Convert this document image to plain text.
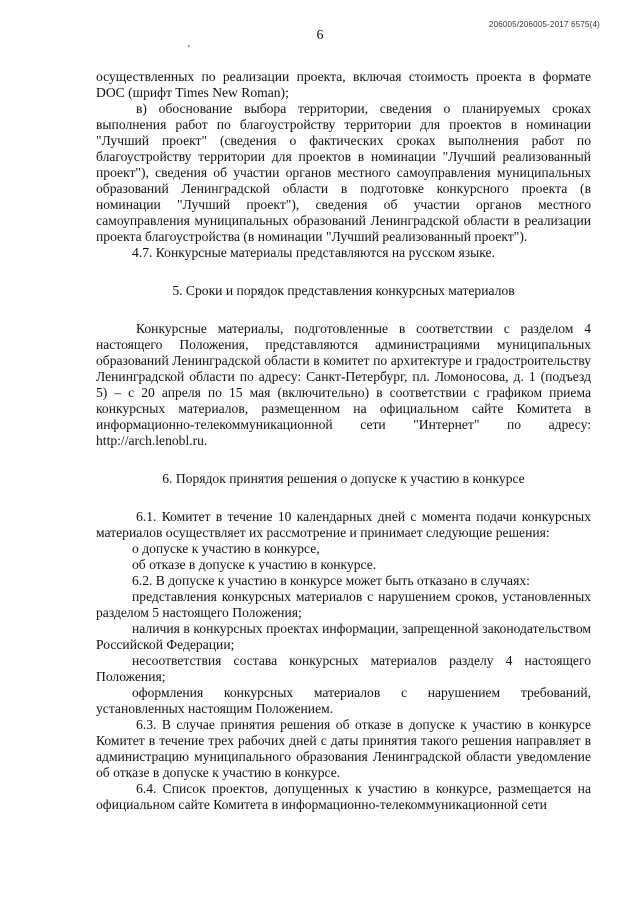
206005/206005-2017 6575(4)
6
'

осуществленных по реализации проекта, включая стоимость проекта в формате DOC (шрифт Times New Roman);

в) обоснование выбора территории, сведения о планируемых сроках выполнения работ по благоустройству территории для проектов в номинации "Лучший проект" (сведения о фактических сроках выполнения работ по благоустройству территории для проектов в номинации "Лучший реализованный проект"), сведения об участии органов местного самоуправления муниципальных образований Ленинградской области в подготовке конкурсного проекта (в номинации "Лучший проект"), сведения об участии органов местного самоуправления муниципальных образований Ленинградской области в реализации проекта благоустройства (в номинации "Лучший реализованный проект").

4.7. Конкурсные материалы представляются на русском языке.

5. Сроки и порядок представления конкурсных материалов

Конкурсные материалы, подготовленные в соответствии с разделом 4 настоящего Положения, представляются администрациями муниципальных образований Ленинградской области в комитет по архитектуре и градостроительству Ленинградской области по адресу: Санкт-Петербург, пл. Ломоносова, д. 1 (подъезд 5) – с 20 апреля по 15 мая (включительно) в соответствии с графиком приема конкурсных материалов, размещенном на официальном сайте Комитета в информационно-телекоммуникационной сети "Интернет" по адресу: http://arch.lenobl.ru.

6. Порядок принятия решения о допуске к участию в конкурсе

6.1. Комитет в течение 10 календарных дней с момента подачи конкурсных материалов осуществляет их рассмотрение и принимает следующие решения:

о допуске к участию в конкурсе,

об отказе в допуске к участию в конкурсе.

6.2. В допуске к участию в конкурсе может быть отказано в случаях:

представления конкурсных материалов с нарушением сроков, установленных разделом 5 настоящего Положения;

наличия в конкурсных проектах информации, запрещенной законодательством Российской Федерации;

несоответствия состава конкурсных материалов разделу 4 настоящего Положения;

оформления конкурсных материалов с нарушением требований, установленных настоящим Положением.

6.3. В случае принятия решения об отказе в допуске к участию в конкурсе Комитет в течение трех рабочих дней с даты принятия такого решения направляет в администрацию муниципального образования Ленинградской области уведомление об отказе в допуске к участию в конкурсе.

6.4. Список проектов, допущенных к участию в конкурсе, размещается на официальном сайте Комитета в информационно-телекоммуникационной сети
